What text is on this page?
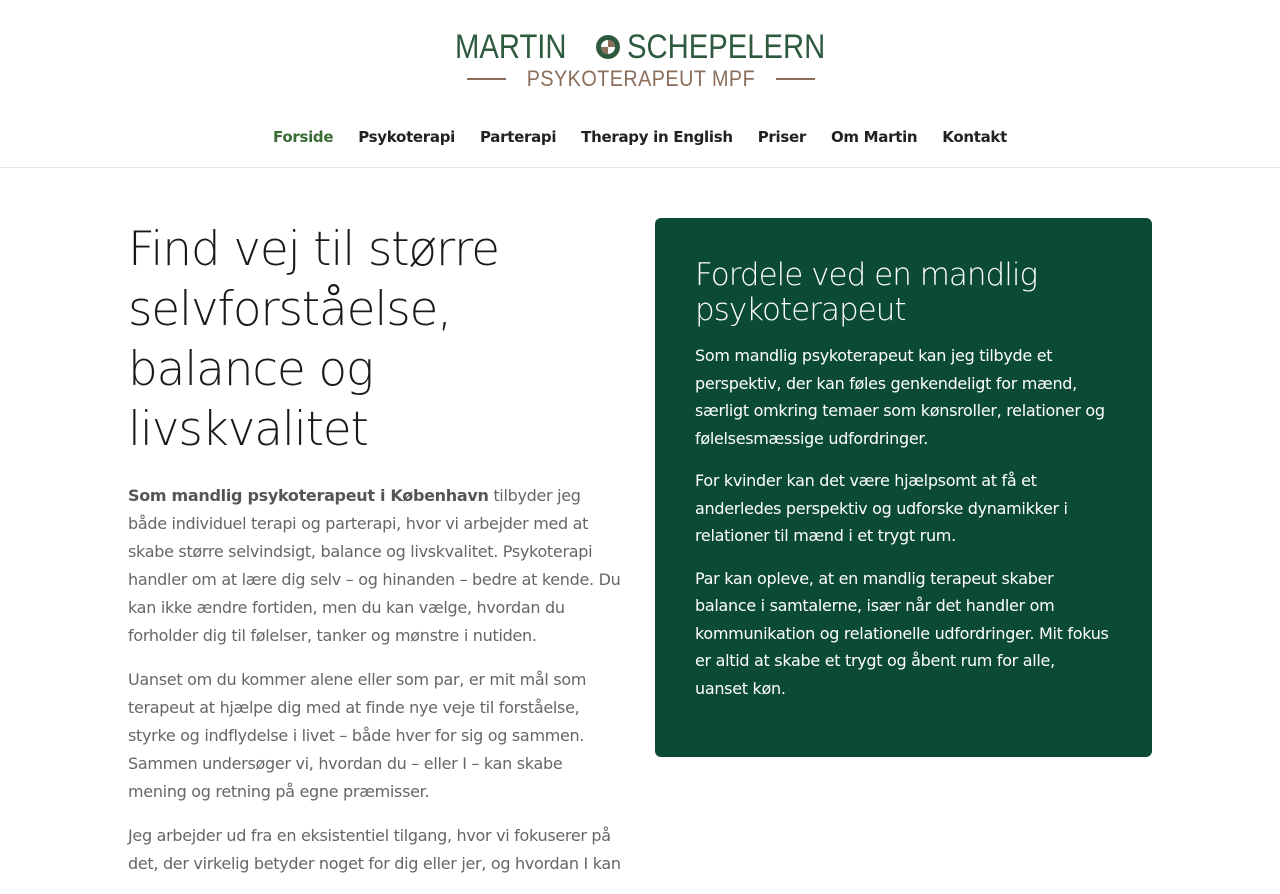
MARTIN SCHEPELERN
PSYKOTERAPEUT MPF
Forside Psykoterapi Parterapi Therapy in English Priser Om Martin Kontakt
Find vej til større selvforståelse, balance og livskvalitet

Som mandlig psykoterapeut i København tilbyder jeg både individuel terapi og parterapi, hvor vi arbejder med at skabe større selvindsigt, balance og livskvalitet. Psykoterapi handler om at lære dig selv – og hinanden – bedre at kende. Du kan ikke ændre fortiden, men du kan vælge, hvordan du forholder dig til følelser, tanker og mønstre i nutiden.

Uanset om du kommer alene eller som par, er mit mål som terapeut at hjælpe dig med at finde nye veje til forståelse, styrke og indflydelse i livet – både hver for sig og sammen. Sammen undersøger vi, hvordan du – eller I – kan skabe mening og retning på egne præmisser.

Jeg arbejder ud fra en eksistentiel tilgang, hvor vi fokuserer på det, der virkelig betyder noget for dig eller jer, og hvordan I kan

Fordele ved en mandlig psykoterapeut

Som mandlig psykoterapeut kan jeg tilbyde et perspektiv, der kan føles genkendeligt for mænd, særligt omkring temaer som kønsroller, relationer og følelsesmæssige udfordringer.

For kvinder kan det være hjælpsomt at få et anderledes perspektiv og udforske dynamikker i relationer til mænd i et trygt rum.

Par kan opleve, at en mandlig terapeut skaber balance i samtalerne, især når det handler om kommunikation og relationelle udfordringer. Mit fokus er altid at skabe et trygt og åbent rum for alle, uanset køn.
